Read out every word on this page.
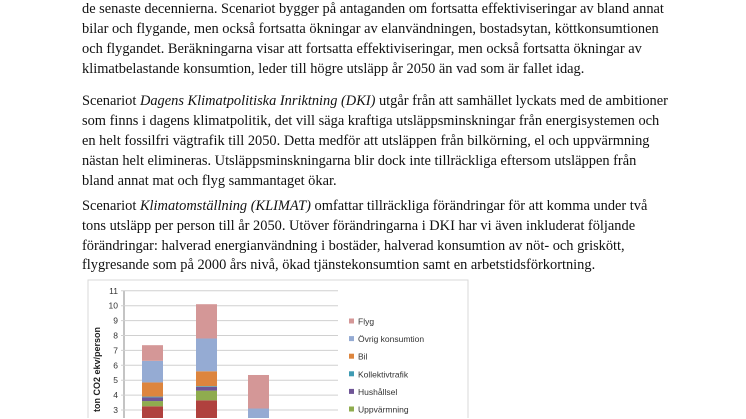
de senaste decennierna. Scenariot bygger på antaganden om fortsatta effektiviseringar av bland annat
bilar och flygande, men också fortsatta ökningar av elanvändningen, bostadsytan, köttkonsumtionen
och flygandet. Beräkningarna visar att fortsatta effektiviseringar, men också fortsatta ökningar av
klimatbelastande konsumtion, leder till högre utsläpp år 2050 än vad som är fallet idag.
Scenariot Dagens Klimatpolitiska Inriktning (DKI) utgår från att samhället lyckats med de ambitioner
som finns i dagens klimatpolitik, det vill säga kraftiga utsläppsminskningar från energisystemen och
en helt fossilfri vägtrafik till 2050. Detta medför att utsläppen från bilkörning, el och uppvärmning
nästan helt elimineras. Utsläppsminskningarna blir dock inte tillräckliga eftersom utsläppen från
bland annat mat och flyg sammantaget ökar.
Scenariot Klimatomställning (KLIMAT) omfattar tillräckliga förändringar för att komma under två
tons utsläpp per person till år 2050. Utöver förändringarna i DKI har vi även inkluderat följande
förändringar: halverad energianvändning i bostäder, halverad konsumtion av nöt- och griskött,
flygresande som på 2000 års nivå, ökad tjänstekonsumtion samt en arbetstidsförkortning.
3
4
5
6
7
8
9
10
11
Flyg
Övrig konsumtion
Bil
Kollektivtrafik
Hushållsel
Uppvärmning
ton CO2 ekv/person
